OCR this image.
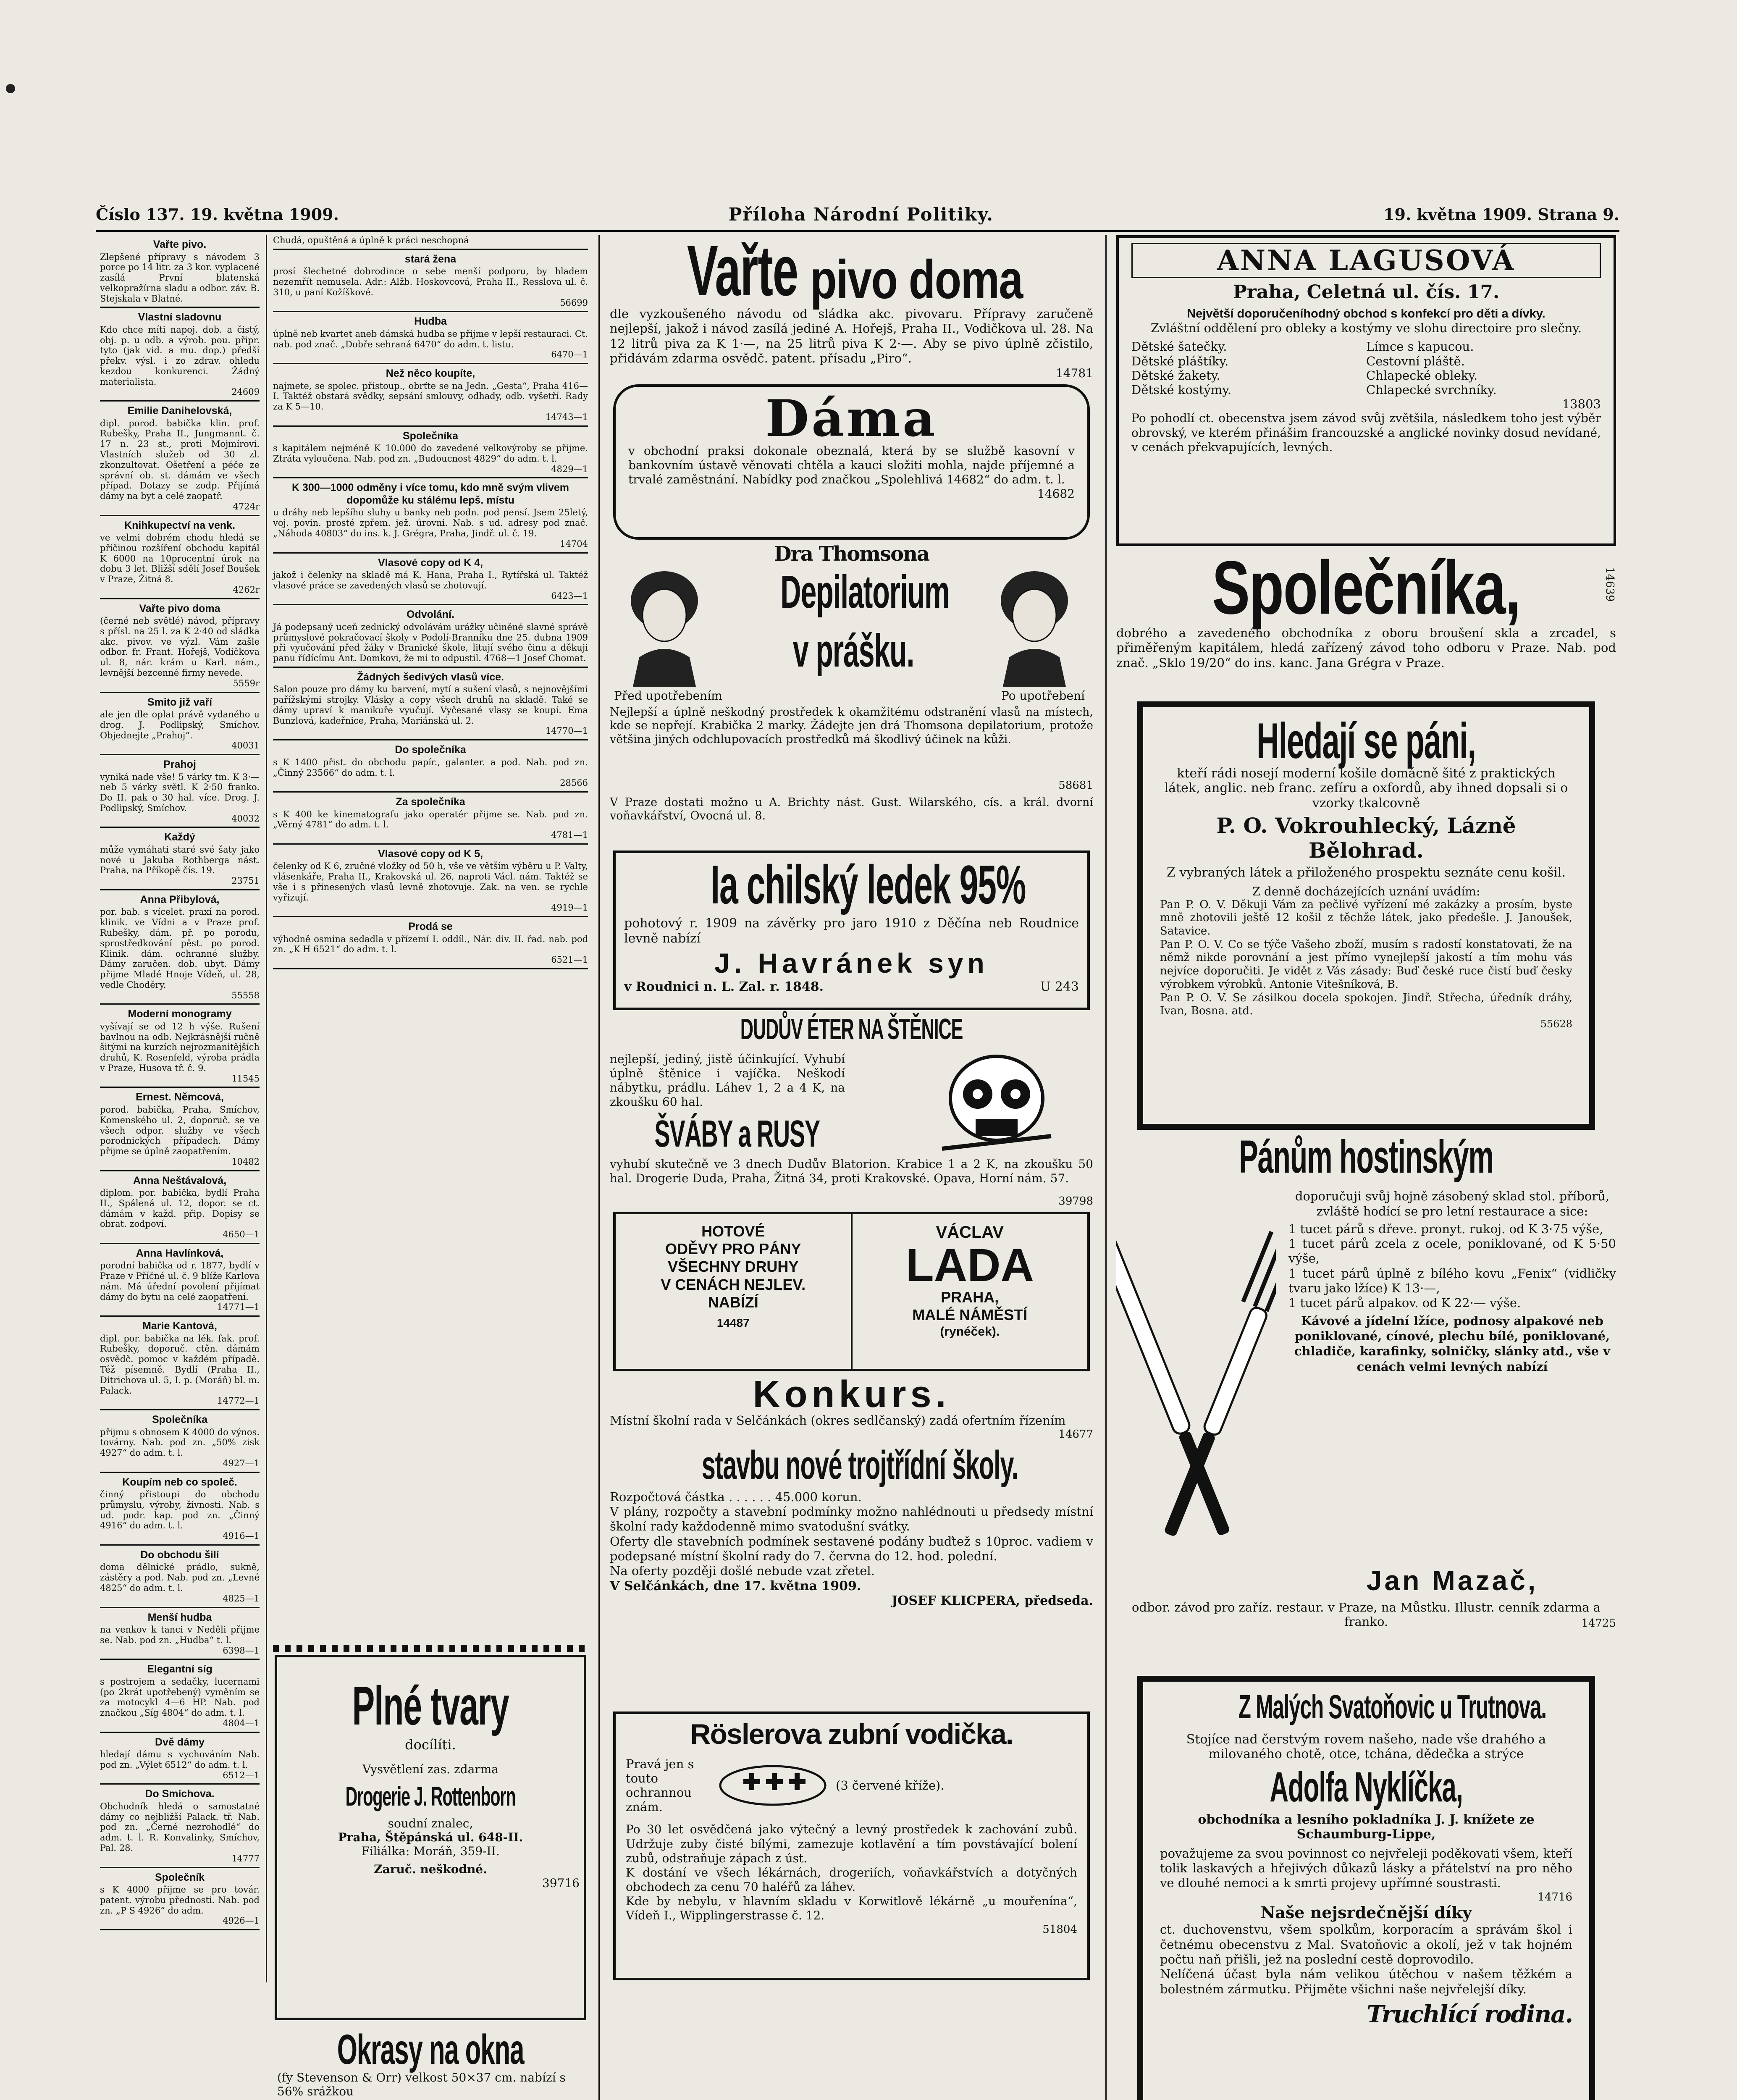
Číslo 137. 19. května 1909.	Příloha Národní Politiky.	19. května 1909. Strana 9.
Vařte pivo.
Zlepšené přípravy s návodem 3 porce po 14 litr. za 3 kor. vyplacené zasílá První blatenská velkopražírna sladu a odbor. záv. B. Stejskala v Blatné.
Vlastní sladovnu
Kdo chce míti napoj. dob. a čistý, obj. p. u odb. a výrob. pou. připr. tyto (jak vid. a mu. dop.) předší překv. výsl. i zo zdrav. ohledu kezdou konkurenci. Žádný materialista.
24609
Emilie Danihelovská,
dipl. porod. babička klin. prof. Rubešky, Praha II., Jungmannt. č. 17 n. 23 st., proti Mojmírovi. Vlastních služeb od 30 zl. zkonzultovat. Ošetření a péče ze správní ob. st. dámám ve všech případ. Dotazy se zodp. Přijímá dámy na byt a celé zaopatř.
4724r
Knihkupectví na venk.
ve velmi dobrém chodu hledá se příčinou rozšíření obchodu kapitál K 6000 na 10procentní úrok na dobu 3 let. Bližší sdělí Josef Boušek v Praze, Žitná 8.
4262r
Vařte pivo doma
(černé neb světlé) návod, přípravy s přísl. na 25 l. za K 2·40 od sládka akc. pivov. ve výzl. Vám zašle odbor. fr. Frant. Hořejš, Vodičkova ul. 8, nár. krám u Karl. nám., levnější bezcenné firmy nevede.
5559r
Smito již vaří
ale jen dle oplat právě vydaného u drog. J. Podlipský, Smíchov. Objednejte „Prahoj“.
40031
Prahoj
vyniká nade vše! 5 várky tm. K 3·— neb 5 várky světl. K 2·50 franko. Do II. pak o 30 hal. více. Drog. J. Podlipský, Smíchov.
40032
Každý
může vymáhati staré své šaty jako nové u Jakuba Rothberga nást. Praha, na Příkopě čís. 19.
23751
Anna Přibylová,
por. bab. s vícelet. praxí na porod. klinik. ve Vídni a v Praze prof. Rubešky, dám. př. po porodu, sprostředkování pěst. po porod. Klinik. dám. ochranné služby. Dámy zaručen. dob. ubyt. Dámy přijme Mladé Hnoje Vídeň, ul. 28, vedle Choděry.
55558
Moderní monogramy
vyšívají se od 12 h výše. Rušení bavlnou na odb. Nejkrásnější ručně šitými na kurzích nejrozmanitějších druhů, K. Rosenfeld, výroba prádla v Praze, Husova tř. č. 9.
11545
Ernest. Němcová,
porod. babička, Praha, Smíchov, Komenského ul. 2, doporuč. se ve všech odpor. služby ve všech porodnických případech. Dámy přijme se úplně zaopatřením.
10482
Anna Neštávalová,
diplom. por. babička, bydlí Praha II., Spálená ul. 12, dopor. se ct. dámám v každ. přip. Dopisy se obrat. zodpoví.
4650—1
Anna Havlínková,
porodní babička od r. 1877, bydlí v Praze v Příčné ul. č. 9 blíže Karlova nám. Má úřední povolení přijímat dámy do bytu na celé zaopatření.
14771—1
Marie Kantová,
dipl. por. babička na lék. fak. prof. Rubešky, doporuč. ctěn. dámám osvědč. pomoc v každém případě. Též písemně. Bydlí (Praha II., Ditrichova ul. 5, I. p. (Moráň) bl. m. Palack.
14772—1
Společníka
přijmu s obnosem K 4000 do výnos. továrny. Nab. pod zn. „50% zisk 4927“ do adm. t. l.
4927—1
Koupím neb co společ.
činný přistoupi do obchodu průmyslu, výroby, živnosti. Nab. s ud. podr. kap. pod zn. „Činný 4916“ do adm. t. l.
4916—1
Do obchodu šilí
doma dělnické prádlo, sukně, zástěry a pod. Nab. pod zn. „Levné 4825“ do adm. t. l.
4825—1
Menší hudba
na venkov k tanci v Neděli přijme se. Nab. pod zn. „Hudba“ t. l.
6398—1
Elegantní síg
s postrojem a sedačky, lucernami (po 2krát upotřebený) vyměním se za motocykl 4—6 HP. Nab. pod značkou „Síg 4804“ do adm. t. l.
4804—1
Dvě dámy
hledají dámu s vychováním Nab. pod zn. „Výlet 6512“ do adm. t. l.
6512—1
Do Smíchova.
Obchodník hledá o samostatné dámy co nejbližší Palack. tř. Nab. pod zn. „Černé nezrohodlé“ do adm. t. l. R. Konvalinky, Smíchov, Pal. 28.
14777
Společník
s K 4000 přijme se pro továr. patent. výrobu přednosti. Nab. pod zn. „P S 4926“ do adm.
4926—1
Chudá, opuštěná a úplně k práci neschopná
stará žena
prosí šlechetné dobrodince o sebe menší podporu, by hladem nezemřít nemusela. Adr.: Alžb. Hoskovcová, Praha II., Resslova ul. č. 310, u paní Kožíškové.
56699
Hudba
úplně neb kvartet aneb dámská hudba se přijme v lepší restauraci. Ct. nab. pod znač. „Dobře sehraná 6470“ do adm. t. listu.
6470—1
Než něco koupíte,
najmete, se spolec. přistoup., obrťte se na Jedn. „Gesta“, Praha 416—I. Taktéž obstará svědky, sepsání smlouvy, odhady, odb. vyšetří. Rady za K 5—10.
14743—1
Společníka
s kapitálem nejméně K 10.000 do zavedené velkovýroby se přijme. Ztráta vyloučena. Nab. pod zn. „Budoucnost 4829“ do adm. t. l.
4829—1
K 300—1000 odměny i více tomu, kdo mně svým vlivem dopomůže ku stálému lepš. místu
u dráhy neb lepšího sluhy u banky neb podn. pod pensí. Jsem 25letý, voj. povin. prosté zpřem. jež. úrovni. Nab. s ud. adresy pod znač. „Náhoda 40803“ do ins. k. J. Grégra, Praha, Jindř. ul. č. 19.
14704
Vlasové copy od K 4,
jakož i čelenky na skladě má K. Hana, Praha I., Rytířská ul. Taktéž vlasové práce se zavedených vlasů se zhotovují.
6423—1
Odvolání.
Já podepsaný uceň zednický odvolávám urážky učiněné slavné správě průmyslové pokračovací školy v Podolí-Branníku dne 25. dubna 1909 při vyučování před žáky v Branické škole, litují svého činu a děkuji panu řídícímu Ant. Domkovi, že mi to odpustil. 4768—1 Josef Chomat.
Žádných šedivých vlasů více.
Salon pouze pro dámy ku barvení, mytí a sušení vlasů, s nejnovějšími pařížskými strojky. Vlásky a copy všech druhů na skladě. Také se dámy upraví k manikuře vyučují. Vyčesané vlasy se koupí. Ema Bunzlová, kadeřnice, Praha, Mariánská ul. 2.
14770—1
Do společníka
s K 1400 přist. do obchodu papír., galanter. a pod. Nab. pod zn. „Činný 23566“ do adm. t. l.
28566
Za společníka
s K 400 ke kinematografu jako operatér přijme se. Nab. pod zn. „Věrný 4781“ do adm. t. l.
4781—1
Vlasové copy od K 5,
čelenky od K 6, zručné vložky od 50 h, vše ve větším výběru u P. Valty, vlásenkáře, Praha II., Krakovská ul. 26, naproti Václ. nám. Taktéž se vše i s přinesených vlasů levně zhotovuje. Zak. na ven. se rychle vyřizují.
4919—1
Prodá se
výhodně osmina sedadla v přízemí I. oddíl., Nár. div. II. řad. nab. pod zn. „K H 6521“ do adm. t. l.
6521—1
Plné tvary
docílíti.
Vysvětlení zas. zdarma
Drogerie J. Rottenborn
soudní znalec,
Praha, Štěpánská ul. 648-II.
Filiálka: Moráň, 359-II.
Zaruč. neškodné.
39716
Okrasy na okna
(fy Stevenson & Orr) velkost 50×37 cm. nabízí s 56% srážkou
Vařte pivo doma
dle vyzkoušeného návodu od sládka akc. pivovaru. Přípravy zaručeně nejlepší, jakož i návod zasílá jediné A. Hořejš, Praha II., Vodičkova ul. 28. Na 12 litrů piva za K 1·—, na 25 litrů piva K 2·—. Aby se pivo úplně zčistilo, přidávám zdarma osvědč. patent. přísadu „Piro“.
14781
Dáma
v obchodní praksi dokonale obeznalá, která by se službě kasovní v bankovním ústavě věnovati chtěla a kauci složiti mohla, najde příjemné a trvalé zaměstnání. Nabídky pod značkou „Spolehlivá 14682“ do adm. t. l.
14682
Dra Thomsona
Depilatorium
v prášku.
Před upotřebením	Po upotřebení
Nejlepší a úplně neškodný prostředek k okamžitému odstranění vlasů na místech, kde se nepřejí. Krabička 2 marky. Žádejte jen drá Thomsona depilatorium, protože většina jiných odchlupovacích prostředků má škodlivý účinek na kůži.
58681
V Praze dostati možno u A. Brichty nást. Gust. Wilarského, cís. a král. dvorní voňavkářství, Ovocná ul. 8.
Ia chilský ledek 95%
pohotový r. 1909 na závěrky pro jaro 1910 z Děčína neb Roudnice levně nabízí
J. Havránek syn
v Roudnici n. L. Zal. r. 1848.	U 243
DUDŮV ÉTER NA ŠTĚNICE
nejlepší, jediný, jistě účinkující. Vyhubí úplně štěnice i vajíčka. Neškodí nábytku, prádlu. Láhev 1, 2 a 4 K, na zkoušku 60 hal.
ŠVÁBY a RUSY
vyhubí skutečně ve 3 dnech Dudův Blatorion. Krabice 1 a 2 K, na zkoušku 50 hal. Drogerie Duda, Praha, Žitná 34, proti Krakovské. Opava, Horní nám. 57.
39798
HOTOVÉ
ODĚVY PRO PÁNY
VŠECHNY DRUHY
V CENÁCH NEJLEV.
NABÍZÍ
14487
VÁCLAV
LADA
PRAHA,
MALÉ NÁMĚSTÍ
(rynéček).
Konkurs.
Místní školní rada v Selčánkách (okres sedlčanský) zadá ofertním řízením
14677
stavbu nové trojtřídní školy.
Rozpočtová částka . . . . . . 45.000 korun.
V plány, rozpočty a stavební podmínky možno nahlédnouti u předsedy místní školní rady každodenně mimo svatodušní svátky.
Oferty dle stavebních podmínek sestavené podány buďtež s 10proc. vadiem v podepsané místní školní rady do 7. června do 12. hod. polední.
Na oferty později došlé nebude vzat zřetel.
V Selčánkách, dne 17. května 1909.
JOSEF KLICPERA, předseda.
Röslerova zubní vodička.
Pravá jen s touto ochrannou znám.
(3 červené kříže).
Po 30 let osvědčená jako výtečný a levný prostředek k zachování zubů. Udržuje zuby čisté bílými, zamezuje kotlavění a tím povstávající bolení zubů, odstraňuje zápach z úst.
K dostání ve všech lékárnách, drogeriích, voňavkářstvích a dotyčných obchodech za cenu 70 haléřů za láhev.
Kde by nebylu, v hlavním skladu v Korwitlově lékárně „u mouřenína“, Vídeň I., Wipplingerstrasse č. 12.
51804
ANNA LAGUSOVÁ
Praha, Celetná ul. čís. 17.
Největší doporučeníhodný obchod s konfekcí pro děti a dívky.
Zvláštní oddělení pro obleky a kostýmy ve slohu directoire pro slečny.
Dětské šatečky.	Límce s kapucou.
Dětské pláštíky.	Cestovní pláště.
Dětské žakety.	Chlapecké obleky.
Dětské kostýmy.	Chlapecké svrchníky.
13803
Po pohodlí ct. obecenstva jsem závod svůj zvětšila, následkem toho jest výběr obrovský, ve kterém přinášim francouzské a anglické novinky dosud nevídané, v cenách překvapujících, levných.
Společníka,	14639
dobrého a zavedeného obchodníka z oboru broušení skla a zrcadel, s přiměřeným kapitálem, hledá zařízený závod toho odboru v Praze. Nab. pod znač. „Sklo 19/20“ do ins. kanc. Jana Grégra v Praze.
Hledají se páni,
kteří rádi nosejí moderní košile domácně šité z praktických látek, anglic. neb franc. zefíru a oxfordů, aby ihned dopsali si o vzorky tkalcovně
P. O. Vokrouhlecký, Lázně Bělohrad.
Z vybraných látek a přiloženého prospektu seznáte cenu košil.
Z denně docházejících uznání uvádím:
Pan P. O. V. Děkuji Vám za pečlivé vyřízení mé zakázky a prosím, byste mně zhotovili ještě 12 košil z těchže látek, jako předešle. J. Janoušek, Satavice.
Pan P. O. V. Co se týče Vašeho zboží, musím s radostí konstatovati, že na němž nikde porovnání a jest přímo vynejlepší jakostí a tím mohu vás nejvíce doporučiti. Je vidět z Vás zásady: Buď české ruce čistí buď česky výrobkem výrobků. Antonie Vitešníková, B.
Pan P. O. V. Se zásilkou docela spokojen. Jindř. Střecha, úředník dráhy, Ivan, Bosna. atd.
55628
Pánům hostinským
doporučuji svůj hojně zásobený sklad stol. příborů, zvláště hodící se pro letní restaurace a sice:
1 tucet párů s dřeve. pronyt. rukoj. od K 3·75 výše,
1 tucet párů zcela z ocele, poniklované, od K 5·50 výše,
1 tucet párů úplně z bílého kovu „Fenix“ (vidličky tvaru jako lžíce) K 13·—,
1 tucet párů alpakov. od K 22·— výše.
Kávové a jídelní lžíce, podnosy alpakové neb poniklované, cínové, plechu bílé, poniklované, chladiče, karafinky, solničky, slánky atd., vše v cenách velmi levných nabízí
Jan Mazač,
odbor. závod pro zaříz. restaur. v Praze, na Můstku. Illustr. cenník zdarma a franko.	14725
Z Malých Svatoňovic u Trutnova.
Stojíce nad čerstvým rovem našeho, nade vše drahého a milovaného chotě, otce, tchána, dědečka a strýce
Adolfa Nyklíčka,
obchodníka a lesního pokladníka J. J. knížete ze Schaumburg-Lippe,
považujeme za svou povinnost co nejvřeleji poděkovati všem, kteří tolik laskavých a hřejivých důkazů lásky a přátelství na pro něho ve dlouhé nemoci a k smrti projevy upřímné soustrasti.
14716
Naše nejsrdečnější díky
ct. duchovenstvu, všem spolkům, korporacím a správám škol i četnému obecenstvu z Mal. Svatoňovic a okolí, jež v tak hojném počtu naň přišli, jež na poslední cestě doprovodilo.
Nelíčená účast byla nám velikou útěchou v našem těžkém a bolestném zármutku. Přijměte všichni naše nejvřelejší díky.
Truchlící rodina.
